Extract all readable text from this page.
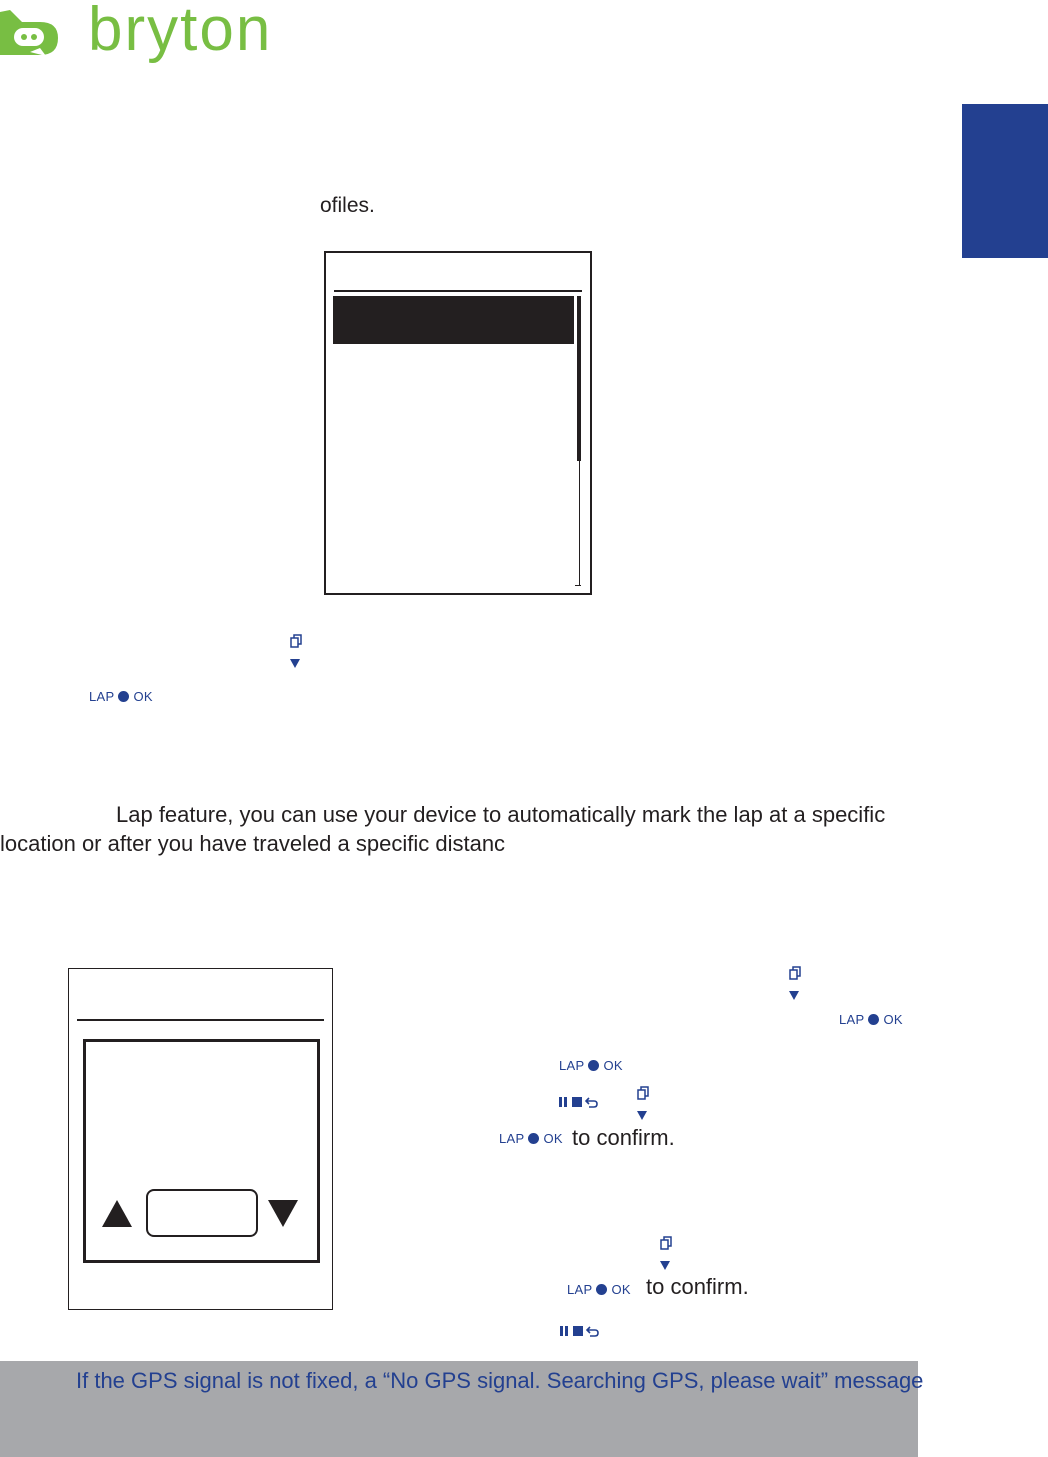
bryton
ofiles.
LAP OK
Lap feature, you can use your device to automatically mark the lap at a specific
location or after you have traveled a specific distanc
LAP OK
LAP OK
LAP OK to confirm.
LAP OK to confirm.
If the GPS signal is not fixed, a “No GPS signal. Searching GPS, please wait” message
